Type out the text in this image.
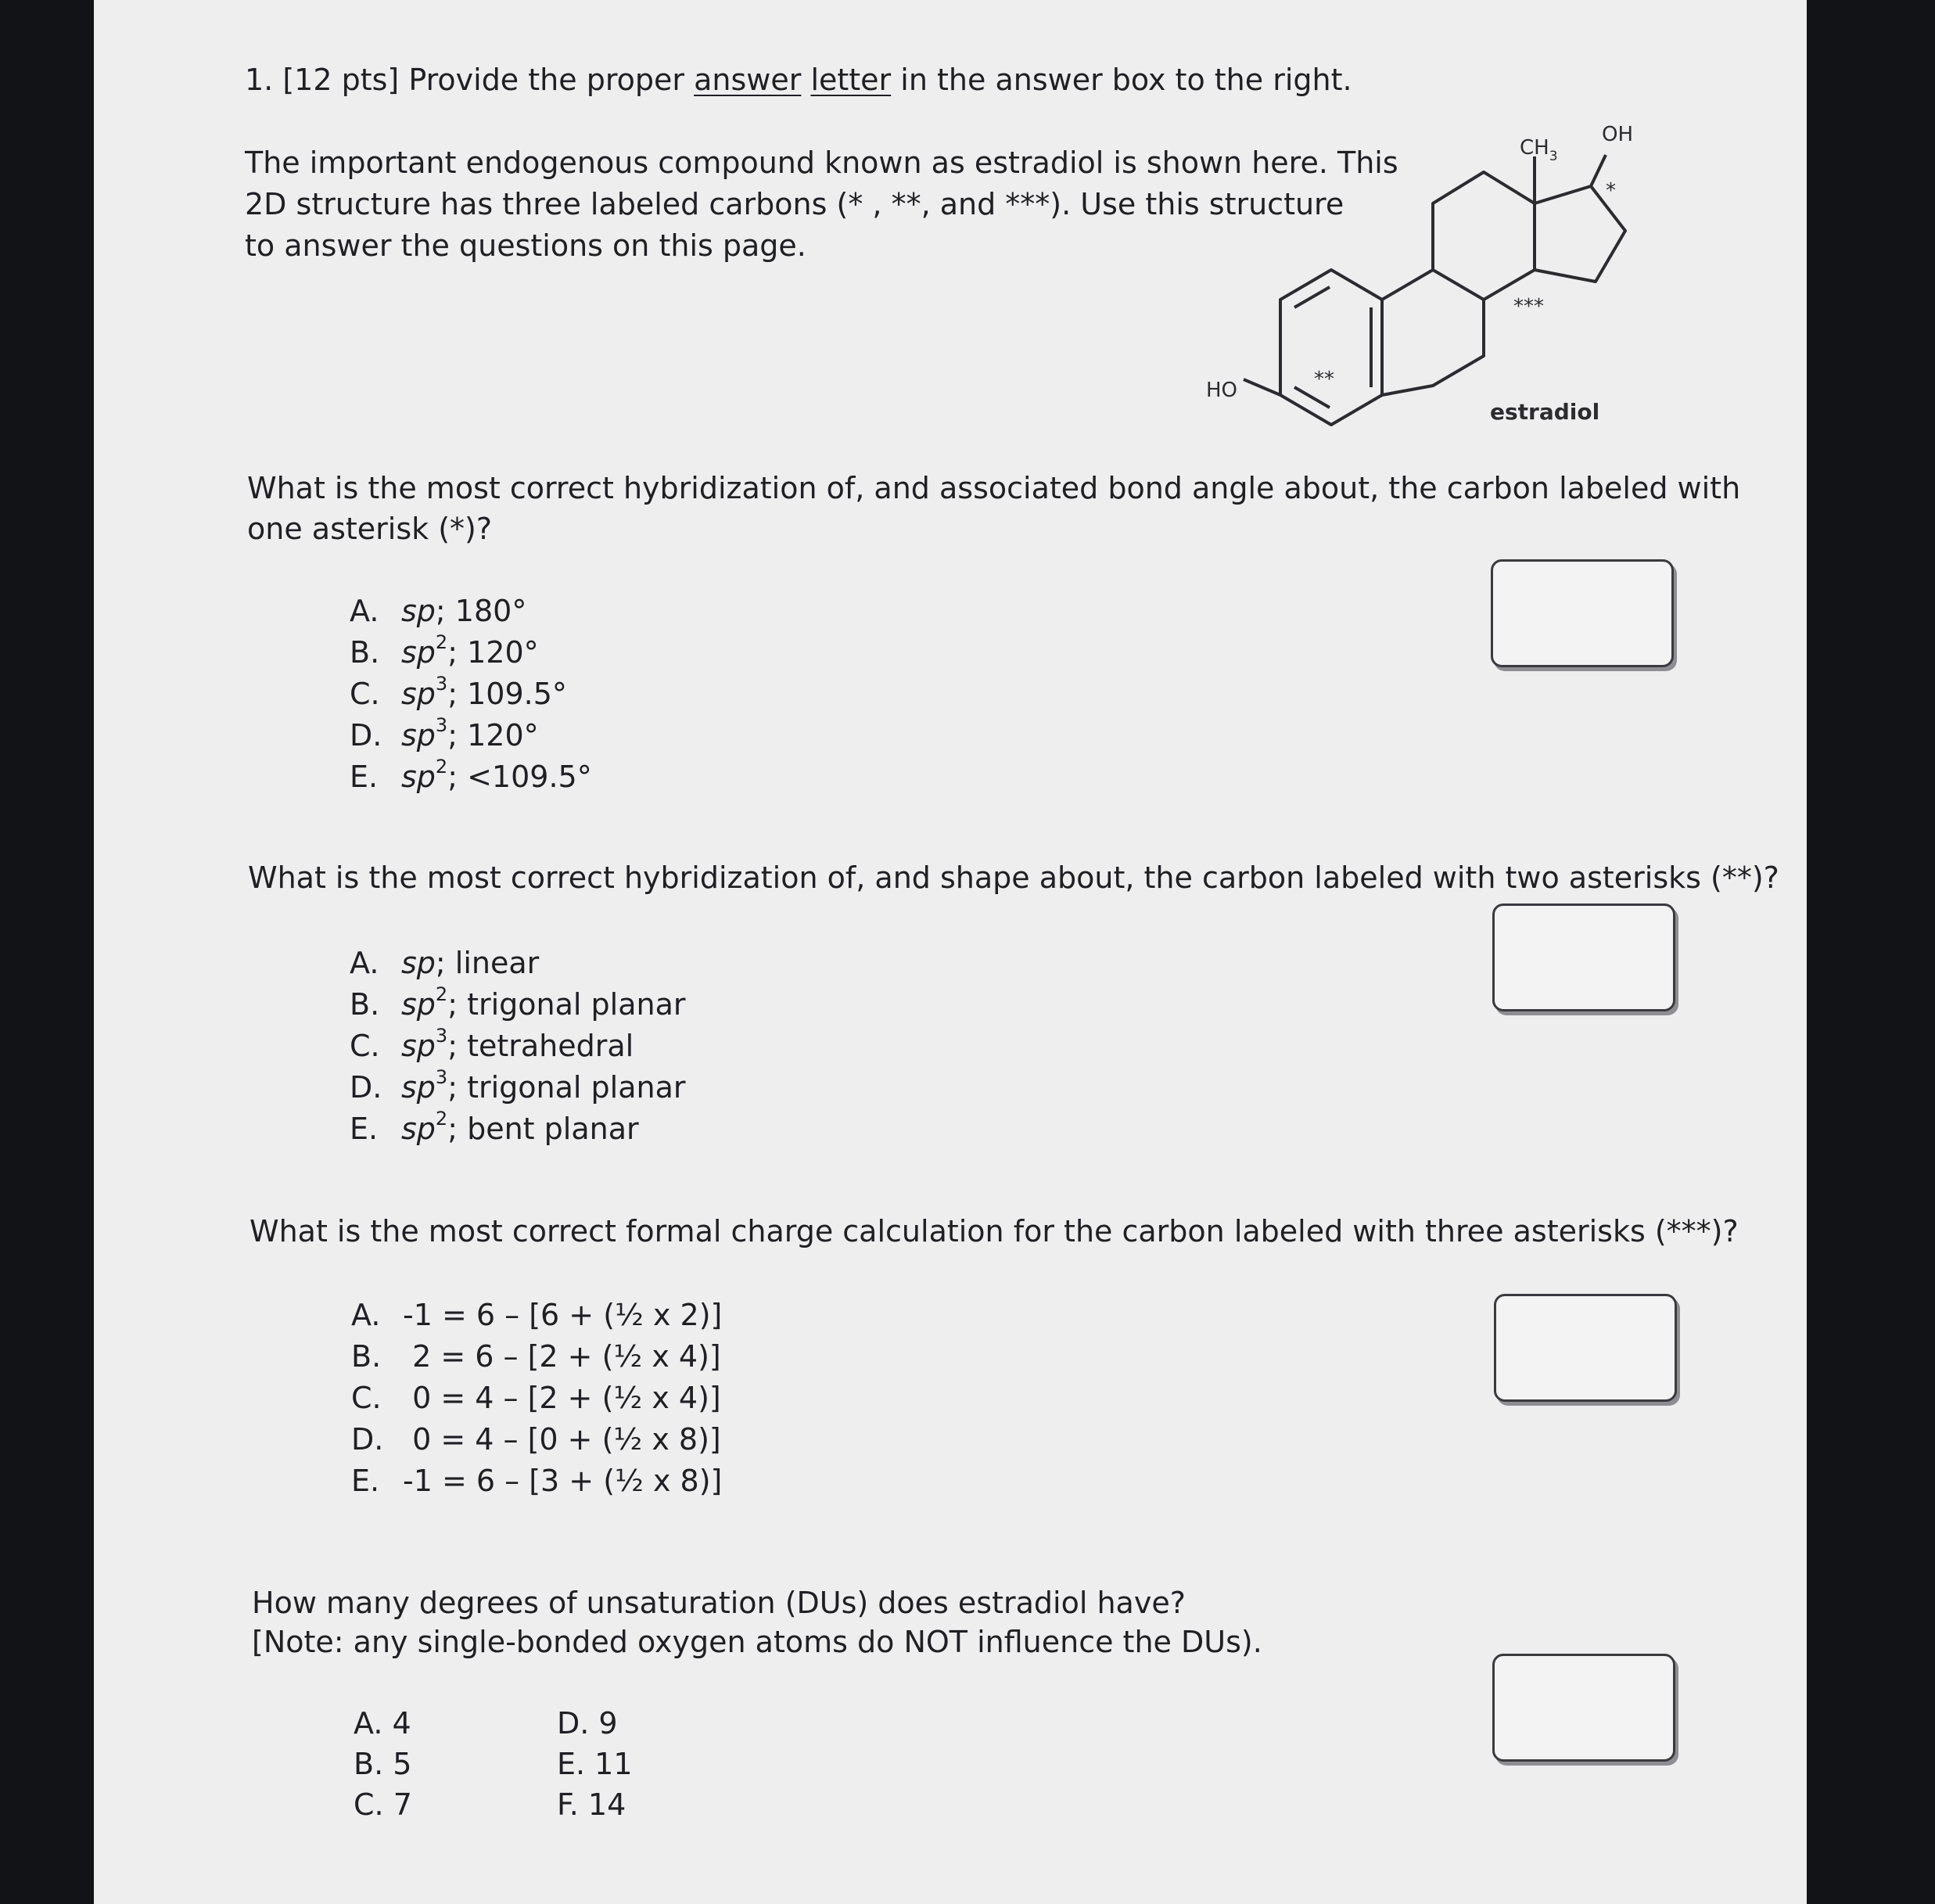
1. [12 pts] Provide the proper answer letter in the answer box to the right.
The important endogenous compound known as estradiol is shown here. This
2D structure has three labeled carbons (* , **, and ***). Use this structure
to answer the questions on this page.
HO
OH
$CH_3$
*
**
***
estradiol
What is the most correct hybridization of, and associated bond angle about, the carbon labeled with
one asterisk (*)?
A. sp; 180°
B. $sp^2$; 120°
C. $sp^3$; 109.5°
D. $sp^3$; 120°
E. $sp^2$; <109.5°
What is the most correct hybridization of, and shape about, the carbon labeled with two asterisks (**)?
A. sp; linear
B. $sp^2$; trigonal planar
C. $sp^3$; tetrahedral
D. $sp^3$; trigonal planar
E. $sp^2$; bent planar
What is the most correct formal charge calculation for the carbon labeled with three asterisks (***)?
A. -1 = 6 – [6 + (½ x 2)]
B. 2 = 6 – [2 + (½ x 4)]
C. 0 = 4 – [2 + (½ x 4)]
D. 0 = 4 – [0 + (½ x 8)]
E. -1 = 6 – [3 + (½ x 8)]
How many degrees of unsaturation (DUs) does estradiol have?
[Note: any single-bonded oxygen atoms do NOT influence the DUs).
A. 4
B. 5
C. 7
D. 9
E. 11
F. 14
